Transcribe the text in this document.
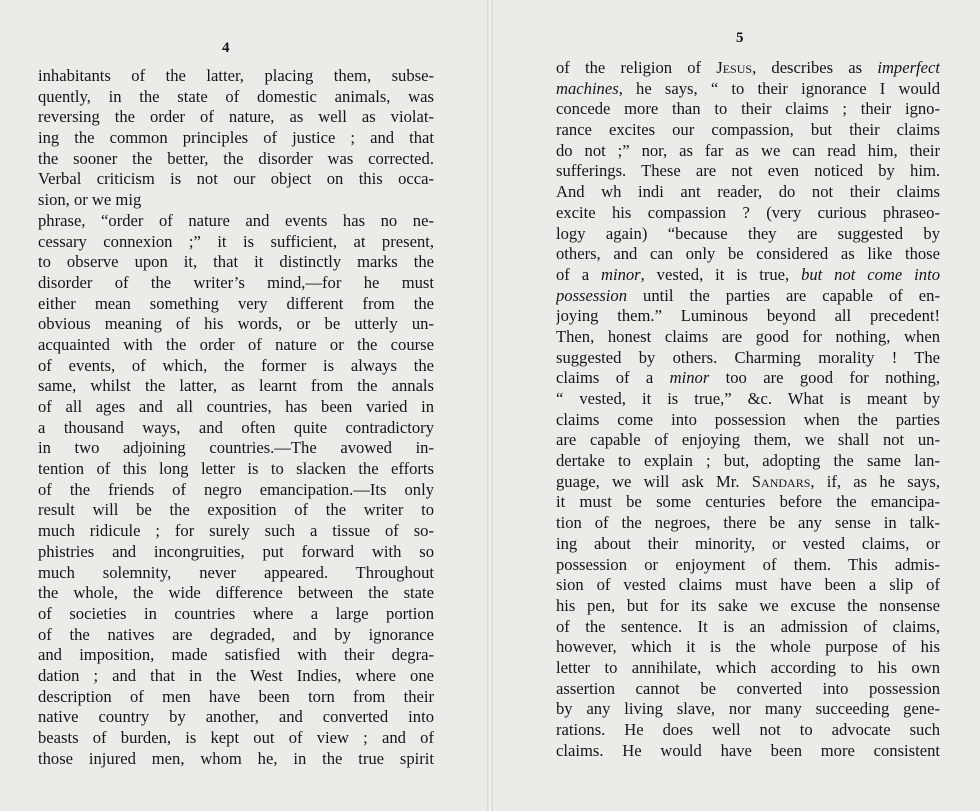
4
inhabitants of the latter, placing them, subse-
quently, in the state of domestic animals, was
reversing the order of nature, as well as violat-
ing the common principles of justice ; and that
the sooner the better, the disorder was corrected.
Verbal criticism is not our object on this occa-
sion, or we mig
phrase, “order of nature and events has no ne-
cessary connexion ;” it is sufficient, at present,
to observe upon it, that it distinctly marks the
disorder of the writer’s mind,—for he must
either mean something very different from the
obvious meaning of his words, or be utterly un-
acquainted with the order of nature or the course
of events, of which, the former is always the
same, whilst the latter, as learnt from the annals
of all ages and all countries, has been varied in
a thousand ways, and often quite contradictory
in two adjoining countries.—The avowed in-
tention of this long letter is to slacken the efforts
of the friends of negro emancipation.—Its only
result will be the exposition of the writer to
much ridicule ; for surely such a tissue of so-
phistries and incongruities, put forward with so
much solemnity, never appeared. Throughout
the whole, the wide difference between the state
of societies in countries where a large portion
of the natives are degraded, and by ignorance
and imposition, made satisfied with their degra-
dation ; and that in the West Indies, where one
description of men have been torn from their
native country by another, and converted into
beasts of burden, is kept out of view ; and of
those injured men, whom he, in the true spirit
5
of the religion of Jesus, describes as imperfect
machines, he says, “ to their ignorance I would
concede more than to their claims ; their igno-
rance excites our compassion, but their claims
do not ;” nor, as far as we can read him, their
sufferings. These are not even noticed by him.
And wh indi ant reader, do not their claims
excite his compassion ? (very curious phraseo-
logy again) “because they are suggested by
others, and can only be considered as like those
of a minor, vested, it is true, but not come into
possession until the parties are capable of en-
joying them.” Luminous beyond all precedent!
Then, honest claims are good for nothing, when
suggested by others. Charming morality ! The
claims of a minor too are good for nothing,
“ vested, it is true,” &c. What is meant by
claims come into possession when the parties
are capable of enjoying them, we shall not un-
dertake to explain ; but, adopting the same lan-
guage, we will ask Mr. Sandars, if, as he says,
it must be some centuries before the emancipa-
tion of the negroes, there be any sense in talk-
ing about their minority, or vested claims, or
possession or enjoyment of them. This admis-
sion of vested claims must have been a slip of
his pen, but for its sake we excuse the nonsense
of the sentence. It is an admission of claims,
however, which it is the whole purpose of his
letter to annihilate, which according to his own
assertion cannot be converted into possession
by any living slave, nor many succeeding gene-
rations. He does well not to advocate such
claims. He would have been more consistent
